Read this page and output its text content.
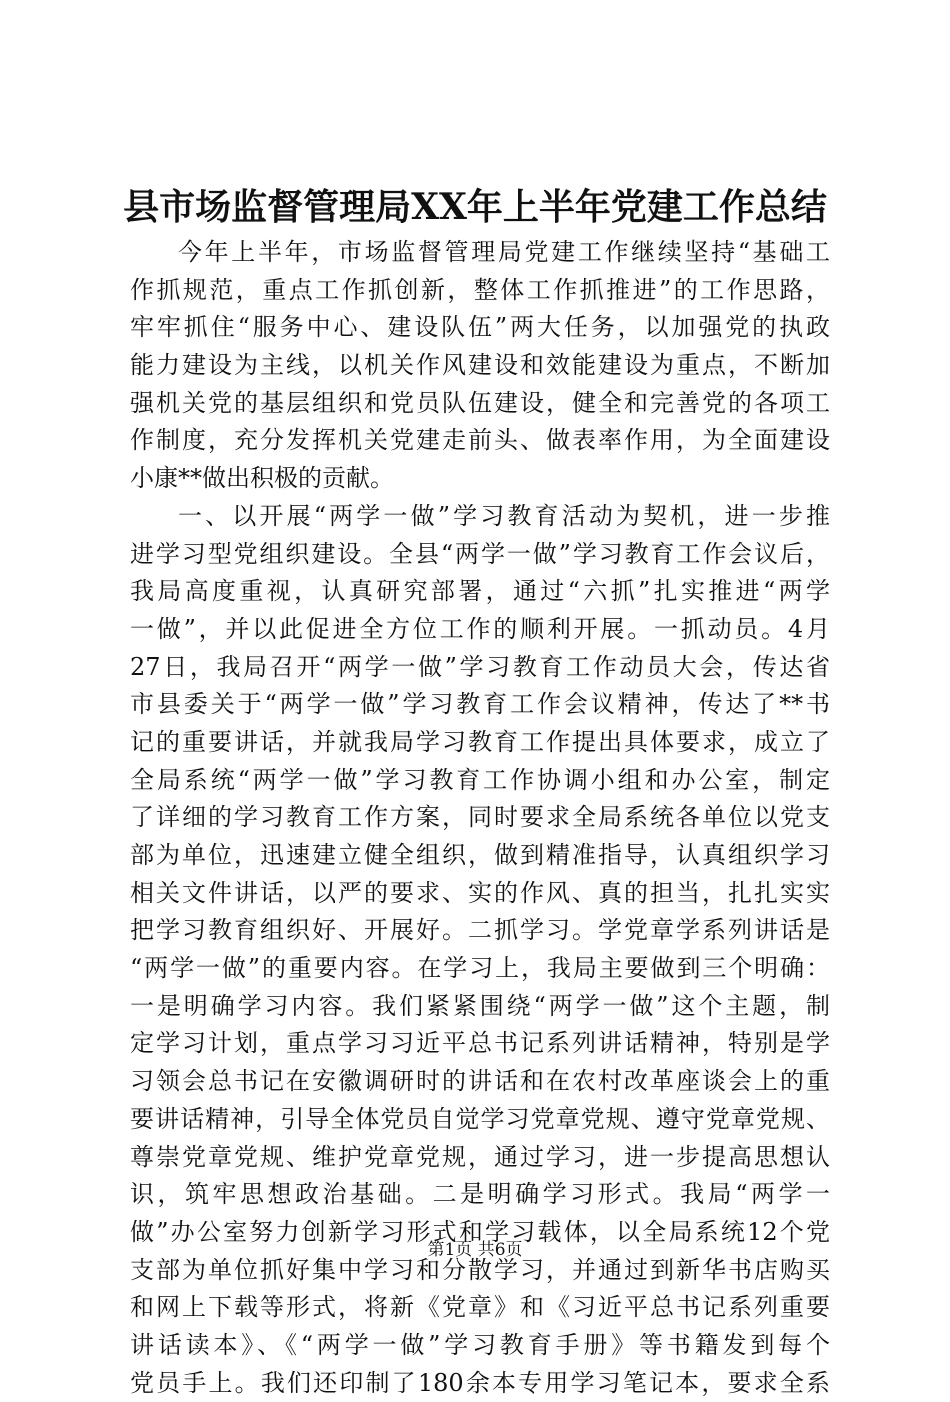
县市场监督管理局XX年上半年党建工作总结
今年上半年，市场监督管理局党建工作继续坚持“基础工
作抓规范，重点工作抓创新，整体工作抓推进”的工作思路，
牢牢抓住“服务中心、建设队伍”两大任务，以加强党的执政
能力建设为主线，以机关作风建设和效能建设为重点，不断加
强机关党的基层组织和党员队伍建设，健全和完善党的各项工
作制度，充分发挥机关党建走前头、做表率作用，为全面建设
小康**做出积极的贡献。
一、以开展“两学一做”学习教育活动为契机，进一步推
进学习型党组织建设。全县“两学一做”学习教育工作会议后，
我局高度重视，认真研究部署，通过“六抓”扎实推进“两学
一做”，并以此促进全方位工作的顺利开展。一抓动员。4月
27日，我局召开“两学一做”学习教育工作动员大会，传达省
市县委关于“两学一做”学习教育工作会议精神，传达了**书
记的重要讲话，并就我局学习教育工作提出具体要求，成立了
全局系统“两学一做”学习教育工作协调小组和办公室，制定
了详细的学习教育工作方案，同时要求全局系统各单位以党支
部为单位，迅速建立健全组织，做到精准指导，认真组织学习
相关文件讲话，以严的要求、实的作风、真的担当，扎扎实实
把学习教育组织好、开展好。二抓学习。学党章学系列讲话是
“两学一做”的重要内容。在学习上，我局主要做到三个明确：
一是明确学习内容。我们紧紧围绕“两学一做”这个主题，制
定学习计划，重点学习习近平总书记系列讲话精神，特别是学
习领会总书记在安徽调研时的讲话和在农村改革座谈会上的重
要讲话精神，引导全体党员自觉学习党章党规、遵守党章党规、
尊崇党章党规、维护党章党规，通过学习，进一步提高思想认
识，筑牢思想政治基础。二是明确学习形式。我局“两学一
做”办公室努力创新学习形式和学习载体，以全局系统12个党
支部为单位抓好集中学习和分散学习，并通过到新华书店购买
和网上下载等形式，将新《党章》和《习近平总书记系列重要
讲话读本》、《“两学一做”学习教育手册》等书籍发到每个
党员手上。我们还印制了180余本专用学习笔记本，要求全系
第1页 共6页
